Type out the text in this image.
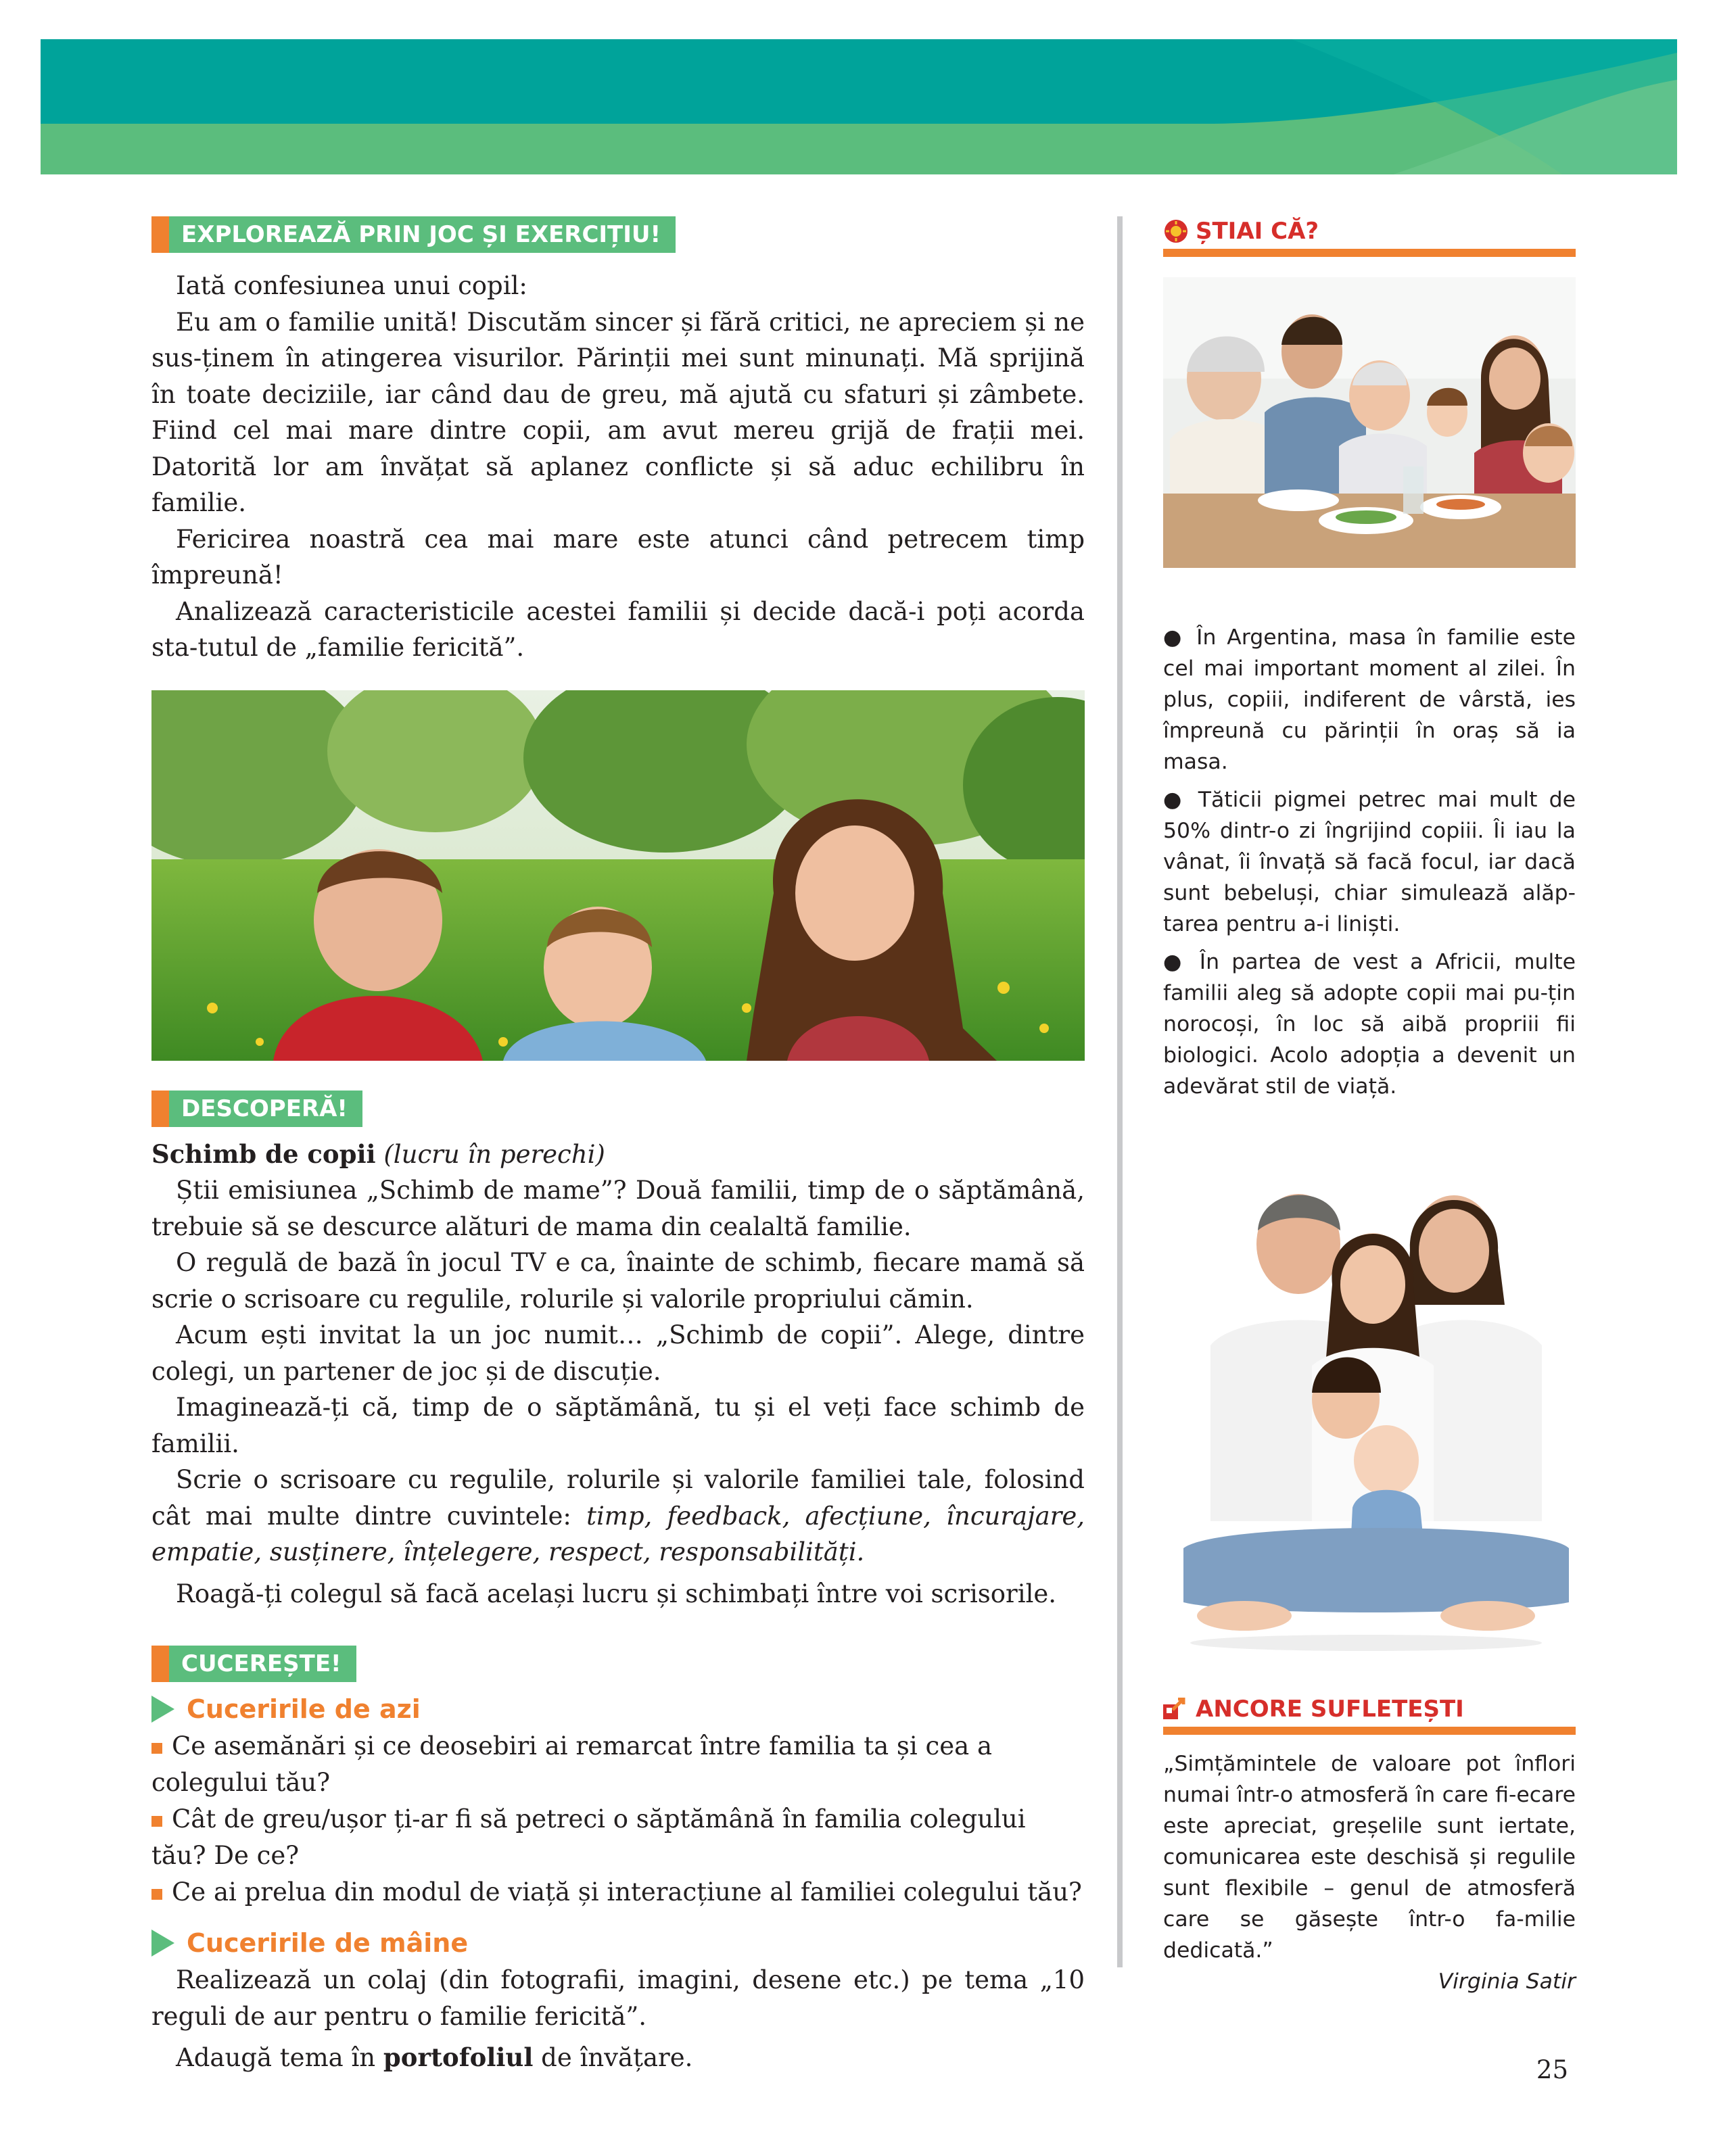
EXPLOREAZĂ PRIN JOC ȘI EXERCIȚIU!

Iată confesiunea unui copil:

Eu am o familie unită! Discutăm sincer și fără critici, ne apreciem și ne sus-ținem în atingerea visurilor. Părinții mei sunt minunați. Mă sprijină în toate deciziile, iar când dau de greu, mă ajută cu sfaturi și zâmbete. Fiind cel mai mare dintre copii, am avut mereu grijă de frații mei. Datorită lor am învățat să aplanez conflicte și să aduc echilibru în familie.

Fericirea noastră cea mai mare este atunci când petrecem timp împreună!

Analizează caracteristicile acestei familii și decide dacă-i poți acorda sta-tutul de „familie fericită”.

DESCOPERĂ!

Schimb de copii (lucru în perechi)

Știi emisiunea „Schimb de mame”? Două familii, timp de o săptămână, trebuie să se descurce alături de mama din cealaltă familie.

O regulă de bază în jocul TV e ca, înainte de schimb, fiecare mamă să scrie o scrisoare cu regulile, rolurile și valorile propriului cămin.

Acum ești invitat la un joc numit… „Schimb de copii”. Alege, dintre colegi, un partener de joc și de discuție.

Imaginează-ți că, timp de o săptămână, tu și el veți face schimb de familii.

Scrie o scrisoare cu regulile, rolurile și valorile familiei tale, folosind cât mai multe dintre cuvintele: timp, feedback, afecțiune, încurajare, empatie, susținere, înțelegere, respect, responsabilități.

Roagă-ți colegul să facă același lucru și schimbați între voi scrisorile.

CUCEREȘTE!
Cuceririle de azi

Ce asemănări și ce deosebiri ai remarcat între familia ta și cea a colegului tău?

Cât de greu/ușor ți-ar fi să petreci o săptămână în familia colegului tău? De ce?

Ce ai prelua din modul de viață și interacțiune al familiei colegului tău?

Cuceririle de mâine

Realizează un colaj (din fotografii, imagini, desene etc.) pe tema „10 reguli de aur pentru o familie fericită”.

Adaugă tema în portofoliul de învățare.

ȘTIAI CĂ?

● În Argentina, masa în familie este cel mai important moment al zilei. În plus, copiii, indiferent de vârstă, ies împreună cu părinții în oraș să ia masa.

● Tăticii pigmei petrec mai mult de 50% dintr-o zi îngrijind copiii. Îi iau la vânat, îi învață să facă focul, iar dacă sunt bebeluși, chiar simulează alăp-tarea pentru a-i liniști.

● În partea de vest a Africii, multe familii aleg să adopte copii mai pu-țin norocoși, în loc să aibă propriii fii biologici. Acolo adopția a devenit un adevărat stil de viață.

ANCORE SUFLETEȘTI

„Simțămintele de valoare pot înflori numai într-o atmosferă în care fi-ecare este apreciat, greșelile sunt iertate, comunicarea este deschisă și regulile sunt flexibile – genul de atmosferă care se găsește într-o fa-milie dedicată.”

Virginia Satir

25
